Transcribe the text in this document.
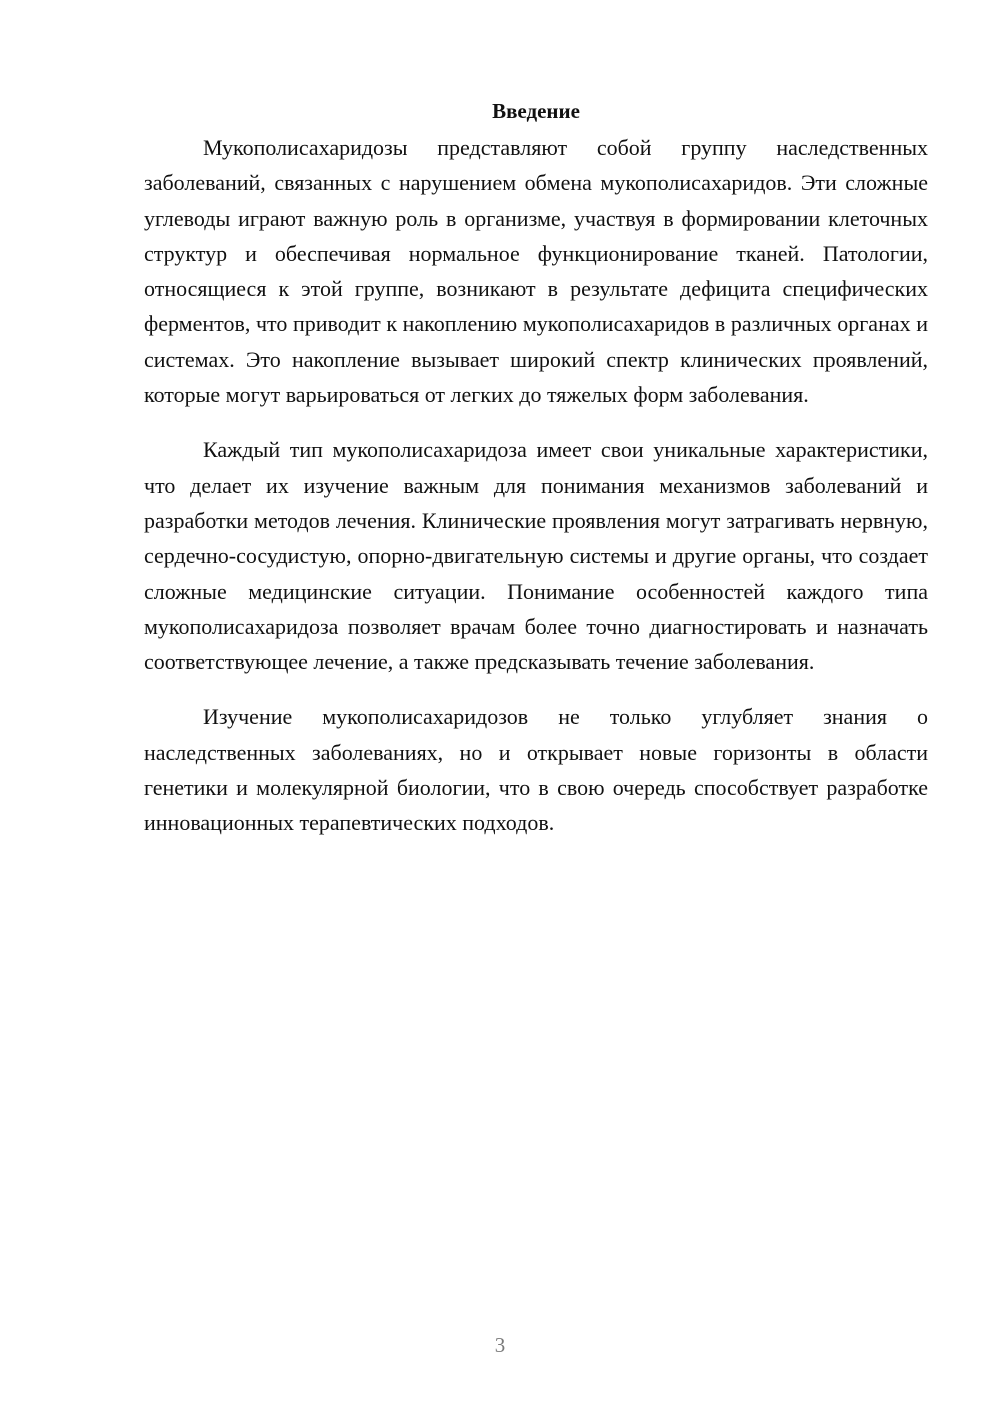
Введение

Мукополисахаридозы представляют собой группу наследственных заболеваний, связанных с нарушением обмена мукополисахаридов. Эти сложные углеводы играют важную роль в организме, участвуя в формировании клеточных структур и обеспечивая нормальное функционирование тканей. Патологии, относящиеся к этой группе, возникают в результате дефицита специфических ферментов, что приводит к накоплению мукополисахаридов в различных органах и системах. Это накопление вызывает широкий спектр клинических проявлений, которые могут варьироваться от легких до тяжелых форм заболевания.

Каждый тип мукополисахаридоза имеет свои уникальные характеристики, что делает их изучение важным для понимания механизмов заболеваний и разработки методов лечения. Клинические проявления могут затрагивать нервную, сердечно-сосудистую, опорно-двигательную системы и другие органы, что создает сложные медицинские ситуации. Понимание особенностей каждого типа мукополисахаридоза позволяет врачам более точно диагностировать и назначать соответствующее лечение, а также предсказывать течение заболевания.

Изучение мукополисахаридозов не только углубляет знания о наследственных заболеваниях, но и открывает новые горизонты в области генетики и молекулярной биологии, что в свою очередь способствует разработке инновационных терапевтических подходов.

3
